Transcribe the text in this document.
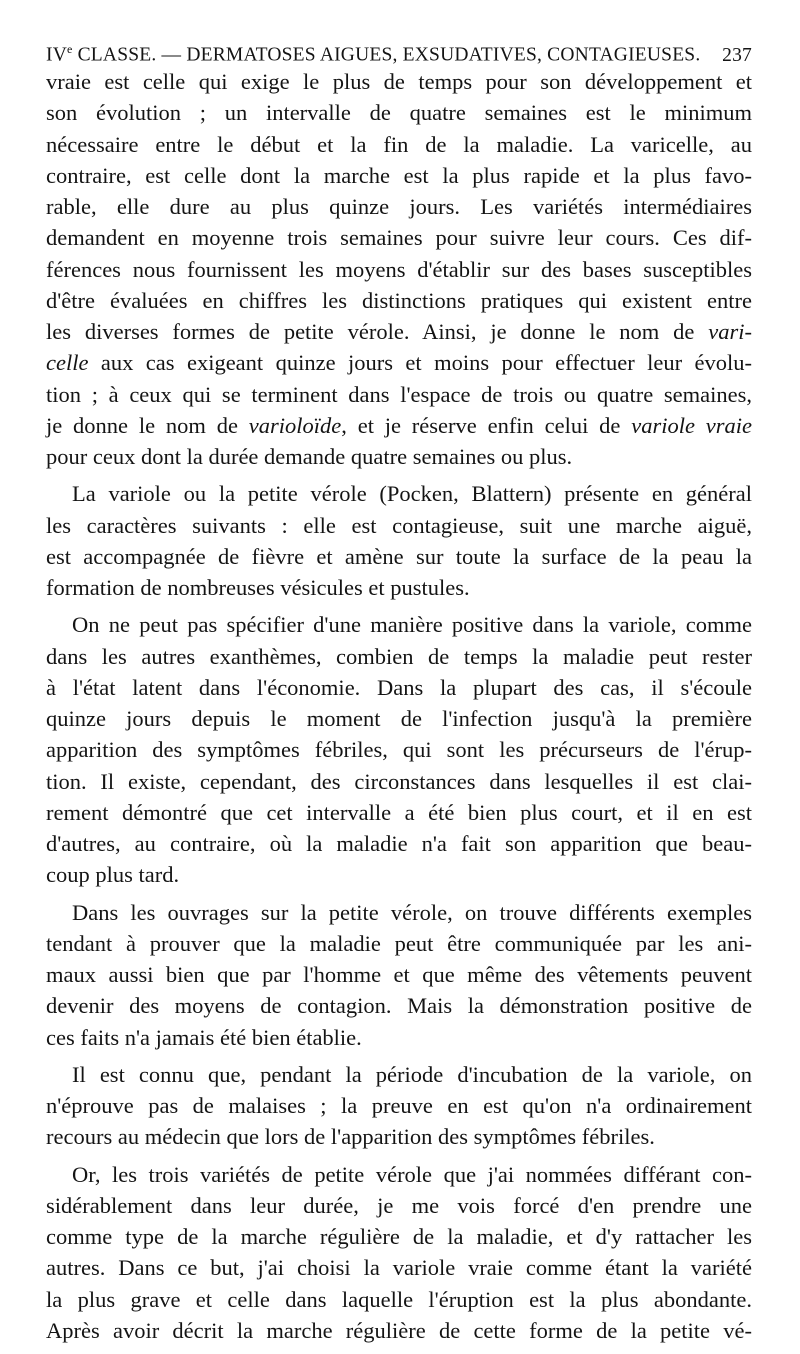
IVe CLASSE. — DERMATOSES AIGUES, EXSUDATIVES, CONTAGIEUSES. 237
vraie est celle qui exige le plus de temps pour son développement et
son évolution ; un intervalle de quatre semaines est le minimum
nécessaire entre le début et la fin de la maladie. La varicelle, au
contraire, est celle dont la marche est la plus rapide et la plus favo-
rable, elle dure au plus quinze jours. Les variétés intermédiaires
demandent en moyenne trois semaines pour suivre leur cours. Ces dif-
férences nous fournissent les moyens d'établir sur des bases susceptibles
d'être évaluées en chiffres les distinctions pratiques qui existent entre
les diverses formes de petite vérole. Ainsi, je donne le nom de vari-
celle aux cas exigeant quinze jours et moins pour effectuer leur évolu-
tion ; à ceux qui se terminent dans l'espace de trois ou quatre semaines,
je donne le nom de varioloïde, et je réserve enfin celui de variole vraie
pour ceux dont la durée demande quatre semaines ou plus.
La variole ou la petite vérole (Pocken, Blattern) présente en général
les caractères suivants : elle est contagieuse, suit une marche aiguë,
est accompagnée de fièvre et amène sur toute la surface de la peau la
formation de nombreuses vésicules et pustules.
On ne peut pas spécifier d'une manière positive dans la variole, comme
dans les autres exanthèmes, combien de temps la maladie peut rester
à l'état latent dans l'économie. Dans la plupart des cas, il s'écoule
quinze jours depuis le moment de l'infection jusqu'à la première
apparition des symptômes fébriles, qui sont les précurseurs de l'érup-
tion. Il existe, cependant, des circonstances dans lesquelles il est clai-
rement démontré que cet intervalle a été bien plus court, et il en est
d'autres, au contraire, où la maladie n'a fait son apparition que beau-
coup plus tard.
Dans les ouvrages sur la petite vérole, on trouve différents exemples
tendant à prouver que la maladie peut être communiquée par les ani-
maux aussi bien que par l'homme et que même des vêtements peuvent
devenir des moyens de contagion. Mais la démonstration positive de
ces faits n'a jamais été bien établie.
Il est connu que, pendant la période d'incubation de la variole, on
n'éprouve pas de malaises ; la preuve en est qu'on n'a ordinairement
recours au médecin que lors de l'apparition des symptômes fébriles.
Or, les trois variétés de petite vérole que j'ai nommées différant con-
sidérablement dans leur durée, je me vois forcé d'en prendre une
comme type de la marche régulière de la maladie, et d'y rattacher les
autres. Dans ce but, j'ai choisi la variole vraie comme étant la variété
la plus grave et celle dans laquelle l'éruption est la plus abondante.
Après avoir décrit la marche régulière de cette forme de la petite vé-
